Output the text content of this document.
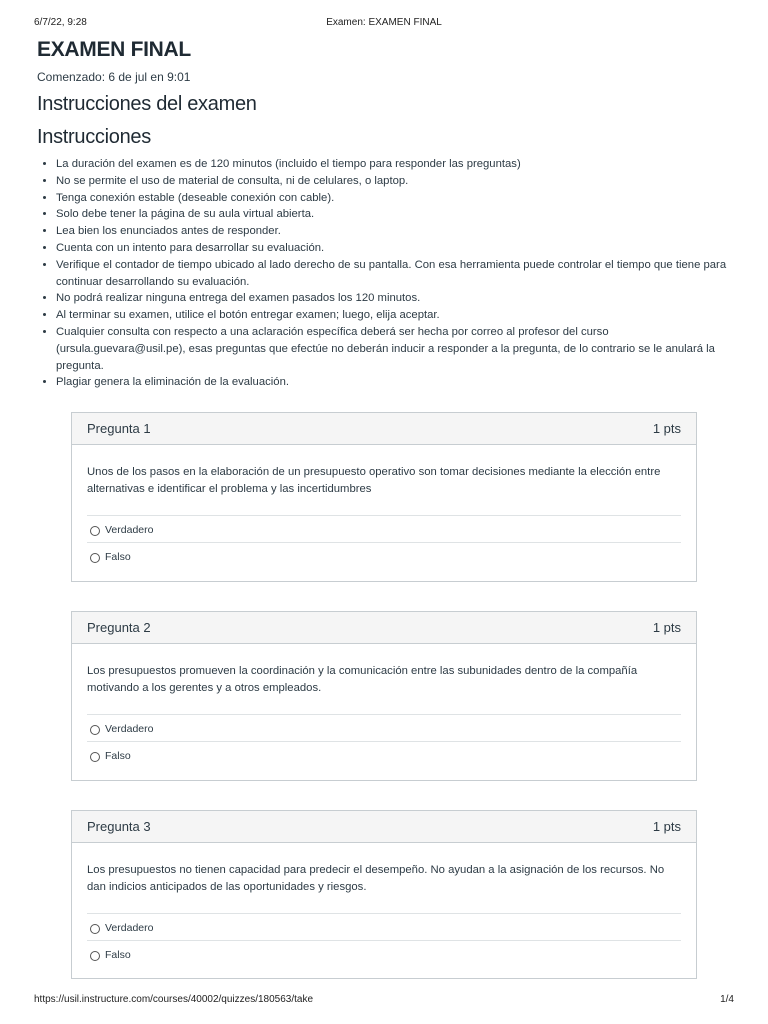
6/7/22, 9:28	Examen: EXAMEN FINAL
EXAMEN FINAL
Comenzado: 6 de jul en 9:01
Instrucciones del examen
Instrucciones
• La duración del examen es de 120 minutos (incluido el tiempo para responder las preguntas)
• No se permite el uso de material de consulta, ni de celulares, o laptop.
• Tenga conexión estable (deseable conexión con cable).
• Solo debe tener la página de su aula virtual abierta.
• Lea bien los enunciados antes de responder.
• Cuenta con un intento para desarrollar su evaluación.
• Verifique el contador de tiempo ubicado al lado derecho de su pantalla. Con esa herramienta puede controlar el tiempo que tiene para continuar desarrollando su evaluación.
• No podrá realizar ninguna entrega del examen pasados los 120 minutos.
• Al terminar su examen, utilice el botón entregar examen; luego, elija aceptar.
• Cualquier consulta con respecto a una aclaración específica deberá ser hecha por correo al profesor del curso (ursula.guevara@usil.pe), esas preguntas que efectúe no deberán inducir a responder a la pregunta, de lo contrario se le anulará la pregunta.
• Plagiar genera la eliminación de la evaluación.
Pregunta 1	1 pts
Unos de los pasos en la elaboración de un presupuesto operativo son tomar decisiones mediante la elección entre alternativas e identificar el problema y las incertidumbres
Verdadero
Falso
Pregunta 2	1 pts
Los presupuestos promueven la coordinación y la comunicación entre las subunidades dentro de la compañía motivando a los gerentes y a otros empleados.
Verdadero
Falso
Pregunta 3	1 pts
Los presupuestos no tienen capacidad para predecir el desempeño. No ayudan a la asignación de los recursos. No dan indicios anticipados de las oportunidades y riesgos.
Verdadero
Falso
https://usil.instructure.com/courses/40002/quizzes/180563/take	1/4
